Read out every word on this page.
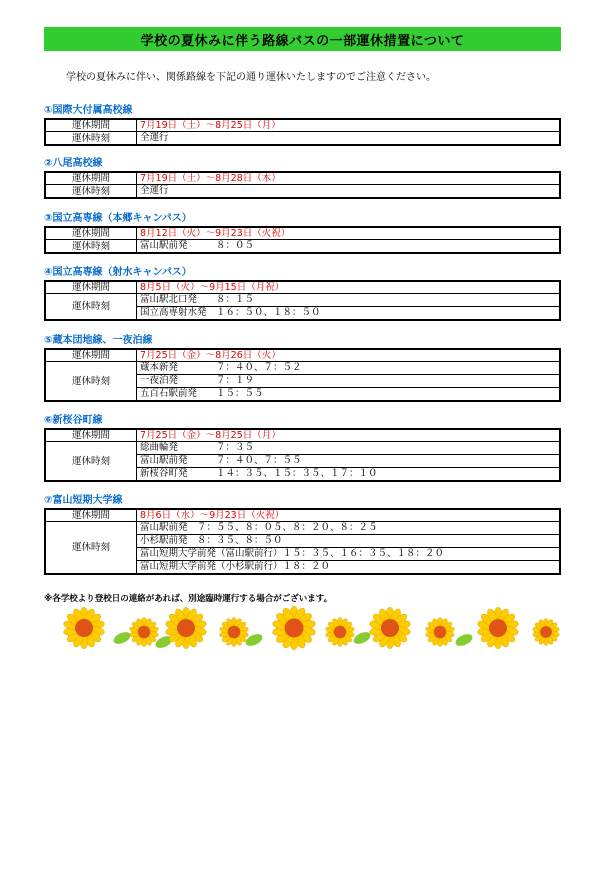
学校の夏休みに伴う路線バスの一部運休措置について
学校の夏休みに伴い、関係路線を下記の通り運休いたしますのでご注意ください。
①国際大付属高校線
運休期間	7月19日（土）～8月25日（月）
運休時刻	全運行
②八尾高校線
運休期間	7月19日（土）～8月28日（木）
運休時刻	全運行
③国立高専線（本郷キャンパス）
運休期間	8月12日（火）～9月23日（火祝）
運休時刻	富山駅前発　　　８：０５
④国立高専線（射水キャンパス）
運休期間	8月5日（火）～9月15日（月祝）
運休時刻	富山駅北口発　　８：１５
国立高専射水発　１６：５０、１８：５０
⑤蔵本団地線、一夜泊線
運休期間	7月25日（金）～8月26日（火）
運休時刻	蔵本新発　　　　７：４０、７：５２
一夜泊発　　　　７：１９
五百石駅前発　　１５：５５
⑥新桜谷町線
運休期間	7月25日（金）～8月25日（月）
運休時刻	総曲輪発　　　　７：３５
富山駅前発　　　７：４０、７：５５
新桜谷町発　　　１４：３５、１５：３５、１７：１０
⑦富山短期大学線
運休期間	8月6日（水）～9月23日（火祝）
運休時刻	富山駅前発　７：５５、８：０５、８：２０、８：２５
小杉駅前発　８：３５、８：５０
富山短期大学前発（富山駅前行）１５：３５、１６：３５、１８：２０
富山短期大学前発（小杉駅前行）１８：２０
※各学校より登校日の連絡があれば、別途臨時運行する場合がございます。
